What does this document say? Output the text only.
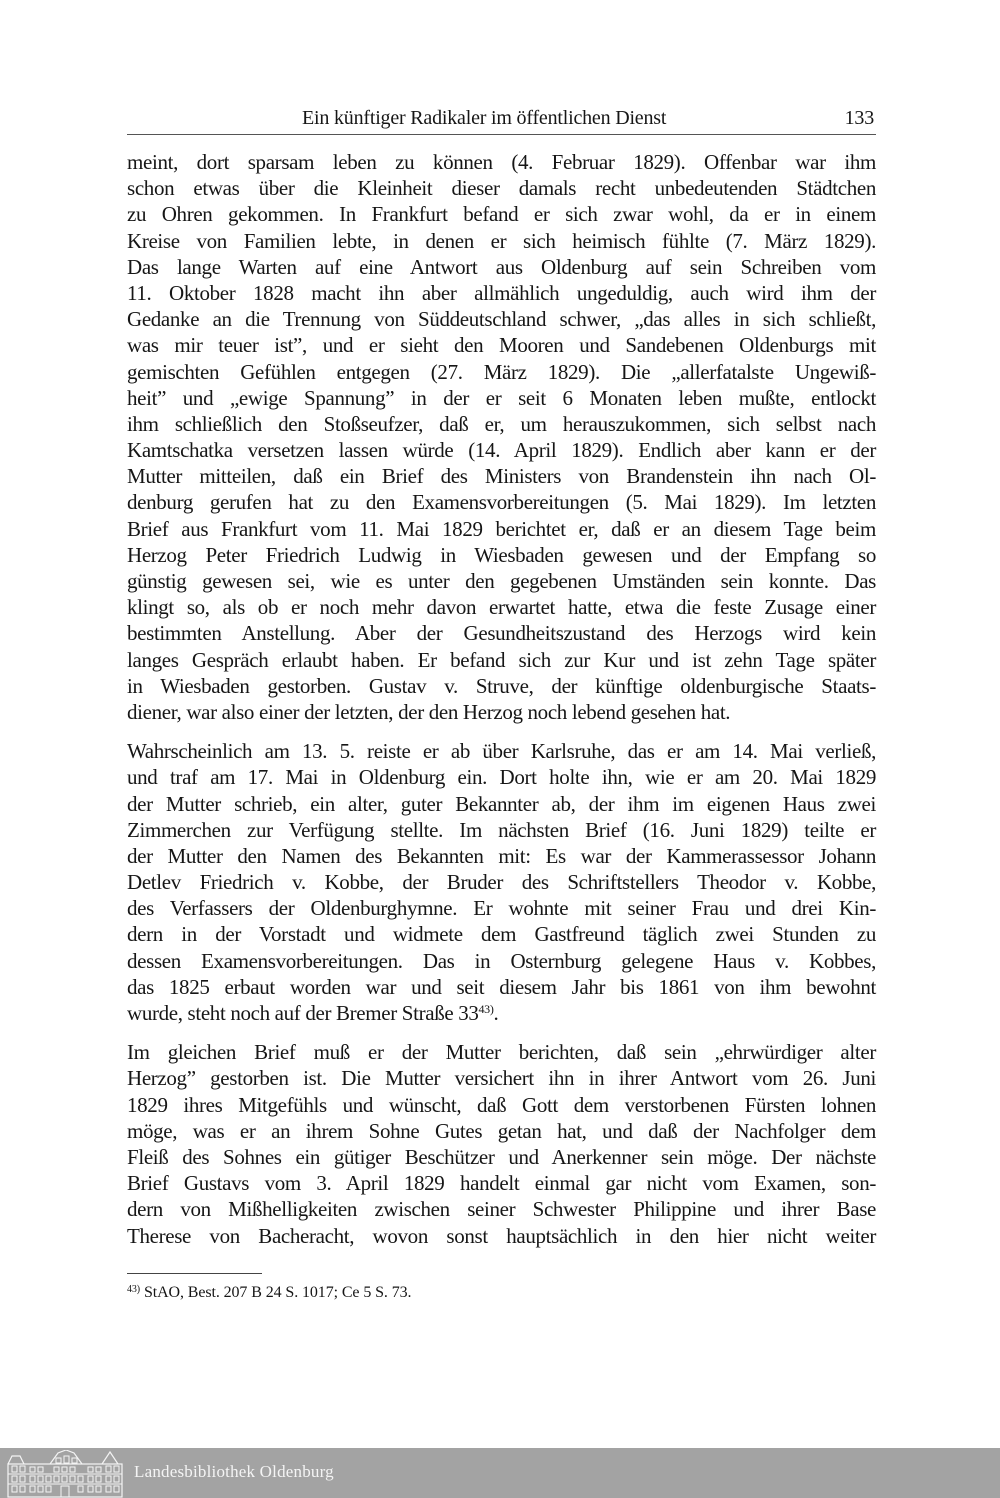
Ein künftiger Radikaler im öffentlichen Dienst	133
meint, dort sparsam leben zu können (4. Februar 1829). Offenbar war ihm
schon etwas über die Kleinheit dieser damals recht unbedeutenden Städtchen
zu Ohren gekommen. In Frankfurt befand er sich zwar wohl, da er in einem
Kreise von Familien lebte, in denen er sich heimisch fühlte (7. März 1829).
Das lange Warten auf eine Antwort aus Oldenburg auf sein Schreiben vom
11. Oktober 1828 macht ihn aber allmählich ungeduldig, auch wird ihm der
Gedanke an die Trennung von Süddeutschland schwer, „das alles in sich schließt,
was mir teuer ist”, und er sieht den Mooren und Sandebenen Oldenburgs mit
gemischten Gefühlen entgegen (27. März 1829). Die „allerfatalste Ungewiß-
heit” und „ewige Spannung” in der er seit 6 Monaten leben mußte, entlockt
ihm schließlich den Stoßseufzer, daß er, um herauszukommen, sich selbst nach
Kamtschatka versetzen lassen würde (14. April 1829). Endlich aber kann er der
Mutter mitteilen, daß ein Brief des Ministers von Brandenstein ihn nach Ol-
denburg gerufen hat zu den Examensvorbereitungen (5. Mai 1829). Im letzten
Brief aus Frankfurt vom 11. Mai 1829 berichtet er, daß er an diesem Tage beim
Herzog Peter Friedrich Ludwig in Wiesbaden gewesen und der Empfang so
günstig gewesen sei, wie es unter den gegebenen Umständen sein konnte. Das
klingt so, als ob er noch mehr davon erwartet hatte, etwa die feste Zusage einer
bestimmten Anstellung. Aber der Gesundheitszustand des Herzogs wird kein
langes Gespräch erlaubt haben. Er befand sich zur Kur und ist zehn Tage später
in Wiesbaden gestorben. Gustav v. Struve, der künftige oldenburgische Staats-
diener, war also einer der letzten, der den Herzog noch lebend gesehen hat.
Wahrscheinlich am 13. 5. reiste er ab über Karlsruhe, das er am 14. Mai verließ,
und traf am 17. Mai in Oldenburg ein. Dort holte ihn, wie er am 20. Mai 1829
der Mutter schrieb, ein alter, guter Bekannter ab, der ihm im eigenen Haus zwei
Zimmerchen zur Verfügung stellte. Im nächsten Brief (16. Juni 1829) teilte er
der Mutter den Namen des Bekannten mit: Es war der Kammerassessor Johann
Detlev Friedrich v. Kobbe, der Bruder des Schriftstellers Theodor v. Kobbe,
des Verfassers der Oldenburghymne. Er wohnte mit seiner Frau und drei Kin-
dern in der Vorstadt und widmete dem Gastfreund täglich zwei Stunden zu
dessen Examensvorbereitungen. Das in Osternburg gelegene Haus v. Kobbes,
das 1825 erbaut worden war und seit diesem Jahr bis 1861 von ihm bewohnt
wurde, steht noch auf der Bremer Straße 33$^{43)}$.
Im gleichen Brief muß er der Mutter berichten, daß sein „ehrwürdiger alter
Herzog” gestorben ist. Die Mutter versichert ihn in ihrer Antwort vom 26. Juni
1829 ihres Mitgefühls und wünscht, daß Gott dem verstorbenen Fürsten lohnen
möge, was er an ihrem Sohne Gutes getan hat, und daß der Nachfolger dem
Fleiß des Sohnes ein gütiger Beschützer und Anerkenner sein möge. Der nächste
Brief Gustavs vom 3. April 1829 handelt einmal gar nicht vom Examen, son-
dern von Mißhelligkeiten zwischen seiner Schwester Philippine und ihrer Base
Therese von Bacheracht, wovon sonst hauptsächlich in den hier nicht weiter
$^{43)}$ StAO, Best. 207 B 24 S. 1017; Ce 5 S. 73.
Landesbibliothek Oldenburg
